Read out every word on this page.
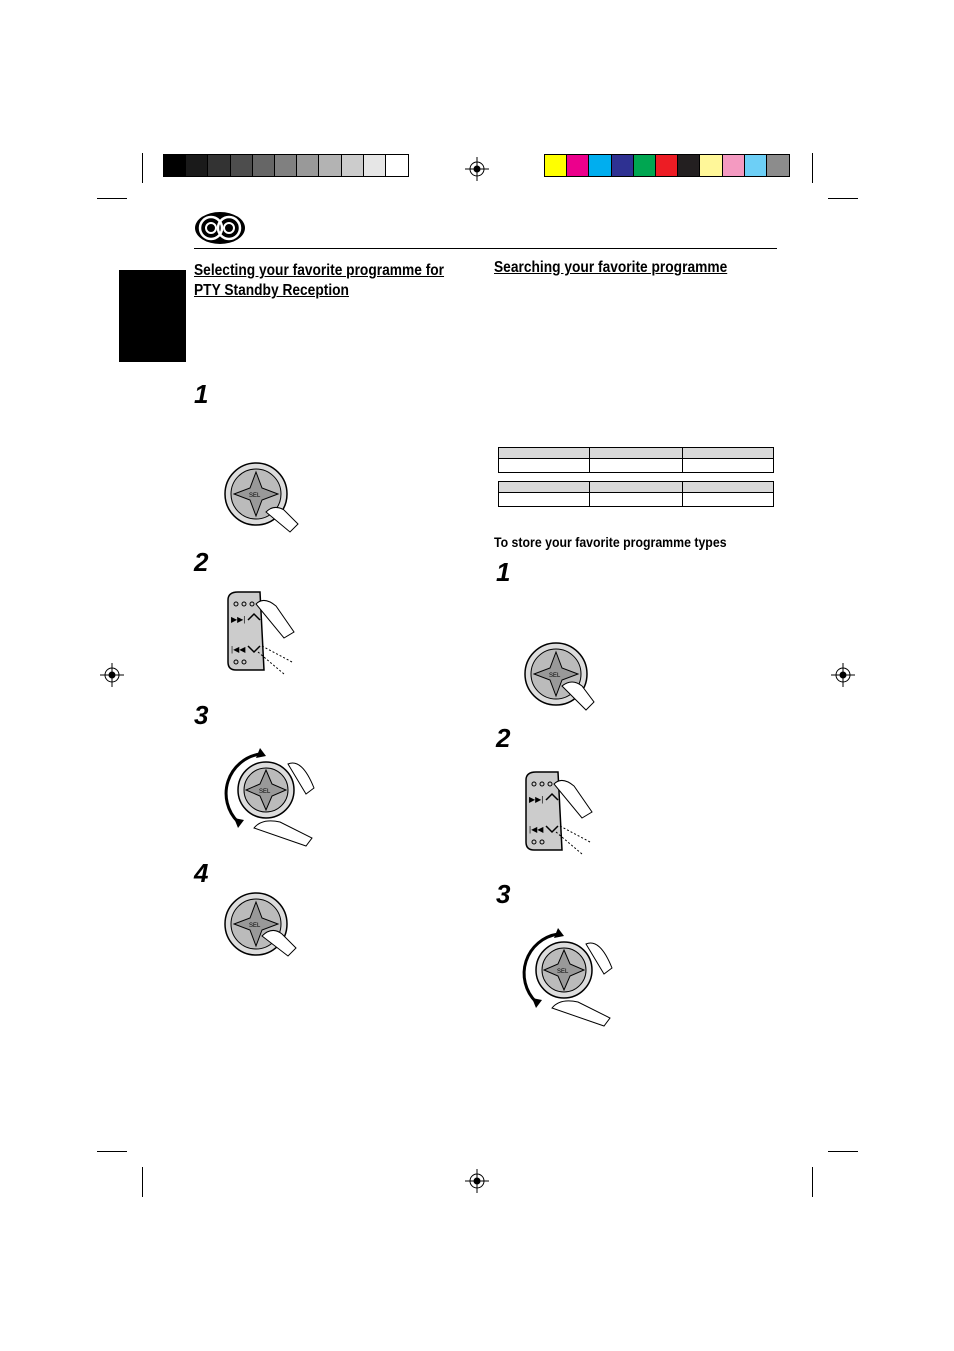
Selecting your favorite programme for PTY Standby Reception
Searching your favorite programme
To store your favorite programme types
1
2
3
4
1
2
3

SEL
SEL
SEL
SEL
SEL
▶▶|
|◀◀
▶▶|
|◀◀
